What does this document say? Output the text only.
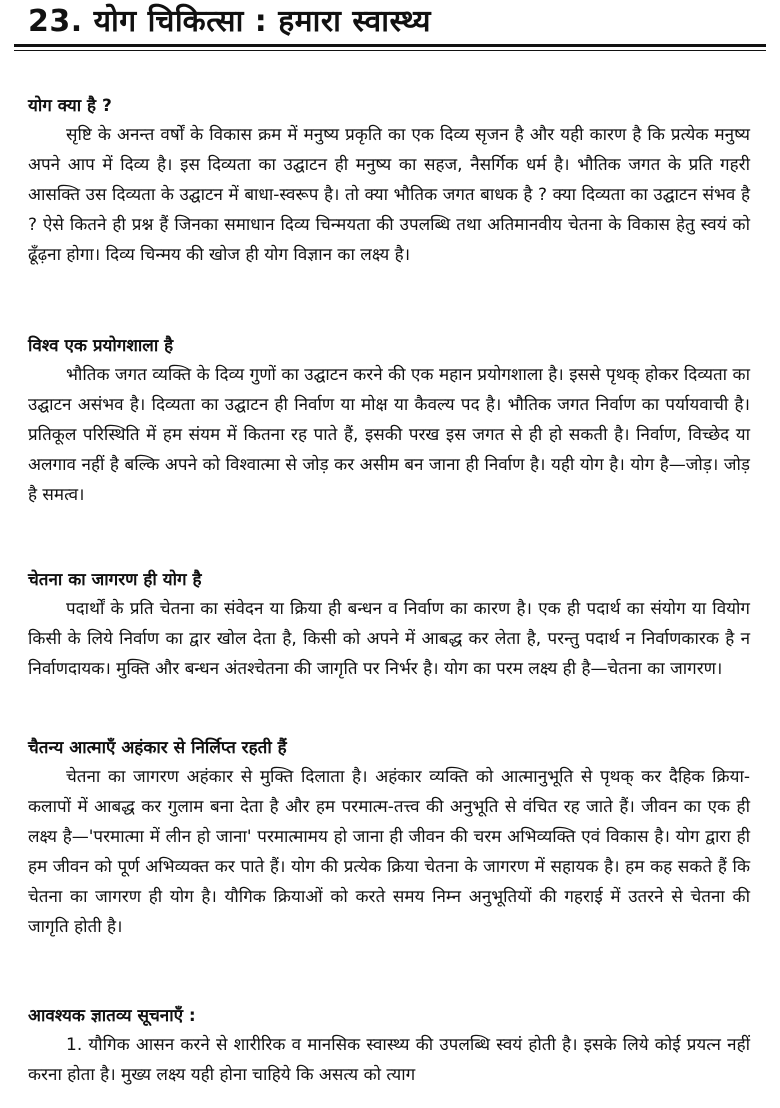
23. योग चिकित्सा : हमारा स्वास्थ्य
योग क्या है ?
सृष्टि के अनन्त वर्षों के विकास क्रम में मनुष्य प्रकृति का एक दिव्य सृजन है और यही कारण है कि प्रत्येक मनुष्य अपने आप में दिव्य है। इस दिव्यता का उद्घाटन ही मनुष्य का सहज, नैसर्गिक धर्म है। भौतिक जगत के प्रति गहरी आसक्ति उस दिव्यता के उद्घाटन में बाधा-स्वरूप है। तो क्या भौतिक जगत बाधक है ? क्या दिव्यता का उद्घाटन संभव है ? ऐसे कितने ही प्रश्न हैं जिनका समाधान दिव्य चिन्मयता की उपलब्धि तथा अतिमानवीय चेतना के विकास हेतु स्वयं को ढूँढ़ना होगा। दिव्य चिन्मय की खोज ही योग विज्ञान का लक्ष्य है।
विश्व एक प्रयोगशाला है
भौतिक जगत व्यक्ति के दिव्य गुणों का उद्घाटन करने की एक महान प्रयोगशाला है। इससे पृथक् होकर दिव्यता का उद्घाटन असंभव है। दिव्यता का उद्घाटन ही निर्वाण या मोक्ष या कैवल्य पद है। भौतिक जगत निर्वाण का पर्यायवाची है। प्रतिकूल परिस्थिति में हम संयम में कितना रह पाते हैं, इसकी परख इस जगत से ही हो सकती है। निर्वाण, विच्छेद या अलगाव नहीं है बल्कि अपने को विश्वात्मा से जोड़ कर असीम बन जाना ही निर्वाण है। यही योग है। योग है—जोड़। जोड़ है समत्व।
चेतना का जागरण ही योग है
पदार्थों के प्रति चेतना का संवेदन या क्रिया ही बन्धन व निर्वाण का कारण है। एक ही पदार्थ का संयोग या वियोग किसी के लिये निर्वाण का द्वार खोल देता है, किसी को अपने में आबद्ध कर लेता है, परन्तु पदार्थ न निर्वाणकारक है न निर्वाणदायक। मुक्ति और बन्धन अंतश्चेतना की जागृति पर निर्भर है। योग का परम लक्ष्य ही है—चेतना का जागरण।
चैतन्य आत्माएँ अहंकार से निर्लिप्त रहती हैं
चेतना का जागरण अहंकार से मुक्ति दिलाता है। अहंकार व्यक्ति को आत्मानुभूति से पृथक् कर दैहिक क्रिया-कलापों में आबद्ध कर गुलाम बना देता है और हम परमात्म-तत्त्व की अनुभूति से वंचित रह जाते हैं। जीवन का एक ही लक्ष्य है—'परमात्मा में लीन हो जाना' परमात्मामय हो जाना ही जीवन की चरम अभिव्यक्ति एवं विकास है। योग द्वारा ही हम जीवन को पूर्ण अभिव्यक्त कर पाते हैं। योग की प्रत्येक क्रिया चेतना के जागरण में सहायक है। हम कह सकते हैं कि चेतना का जागरण ही योग है। यौगिक क्रियाओं को करते समय निम्न अनुभूतियों की गहराई में उतरने से चेतना की जागृति होती है।
आवश्यक ज्ञातव्य सूचनाएँ :
1. यौगिक आसन करने से शारीरिक व मानसिक स्वास्थ्य की उपलब्धि स्वयं होती है। इसके लिये कोई प्रयत्न नहीं करना होता है। मुख्य लक्ष्य यही होना चाहिये कि असत्य को त्याग
